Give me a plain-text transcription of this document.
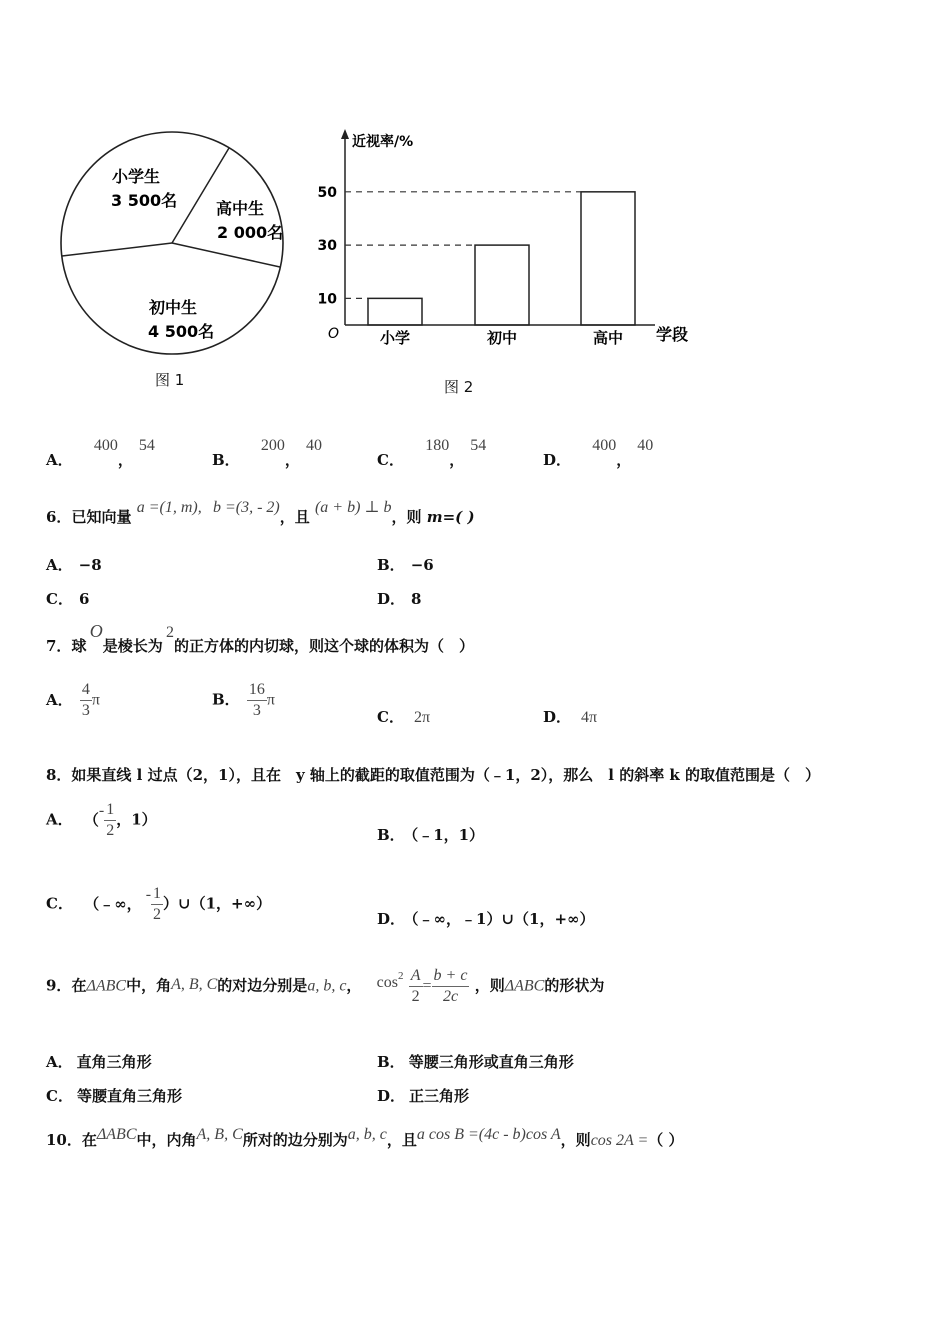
小学生
3 500名 高中生
2 000名
初中生
4 500名
图 1
近视率/%
学段
O
10
小学
30
初中
50
高中
图 2
A． 400，54
B． 200，40
C． 180，54
D． 400，40
6．已知向量 a =(1, m), b =(3, - 2)，且 (a + b) ⊥ b，则 m=( )
A． −8	B． −6
C． 6	D． 8
7．球 O是棱长为 2的正方体的内切球，则这个球的体积为（　）
A． $\frac{4}{3}$ π	B． $\frac{16}{3}$ π
C． 2π	D． 4π
8．如果直线 l 过点（2，1），且在　y 轴上的截距的取值范围为（﹣1，2），那么　l 的斜率 k 的取值范围是（　）
A． （- $\frac{1}{2}$ ，1）
B． （﹣1，1）
C． （﹣∞，- $\frac{1}{2}$ ）∪（1，+∞）
D． （﹣∞，﹣1）∪（1，+∞）
9．在ΔABC中，角A, B, C的对边分别是a, b, c， $\cos^2 \frac{A}{2} = \frac{b + c}{2c}$ ，则ΔABC的形状为
A． 直角三角形	B． 等腰三角形或直角三角形
C． 等腰直角三角形	D． 正三角形
10．在ΔABC中，内角A, B, C所对的边分别为a, b, c，且a cos B =(4c - b)cos A，则cos 2A =（ ）
